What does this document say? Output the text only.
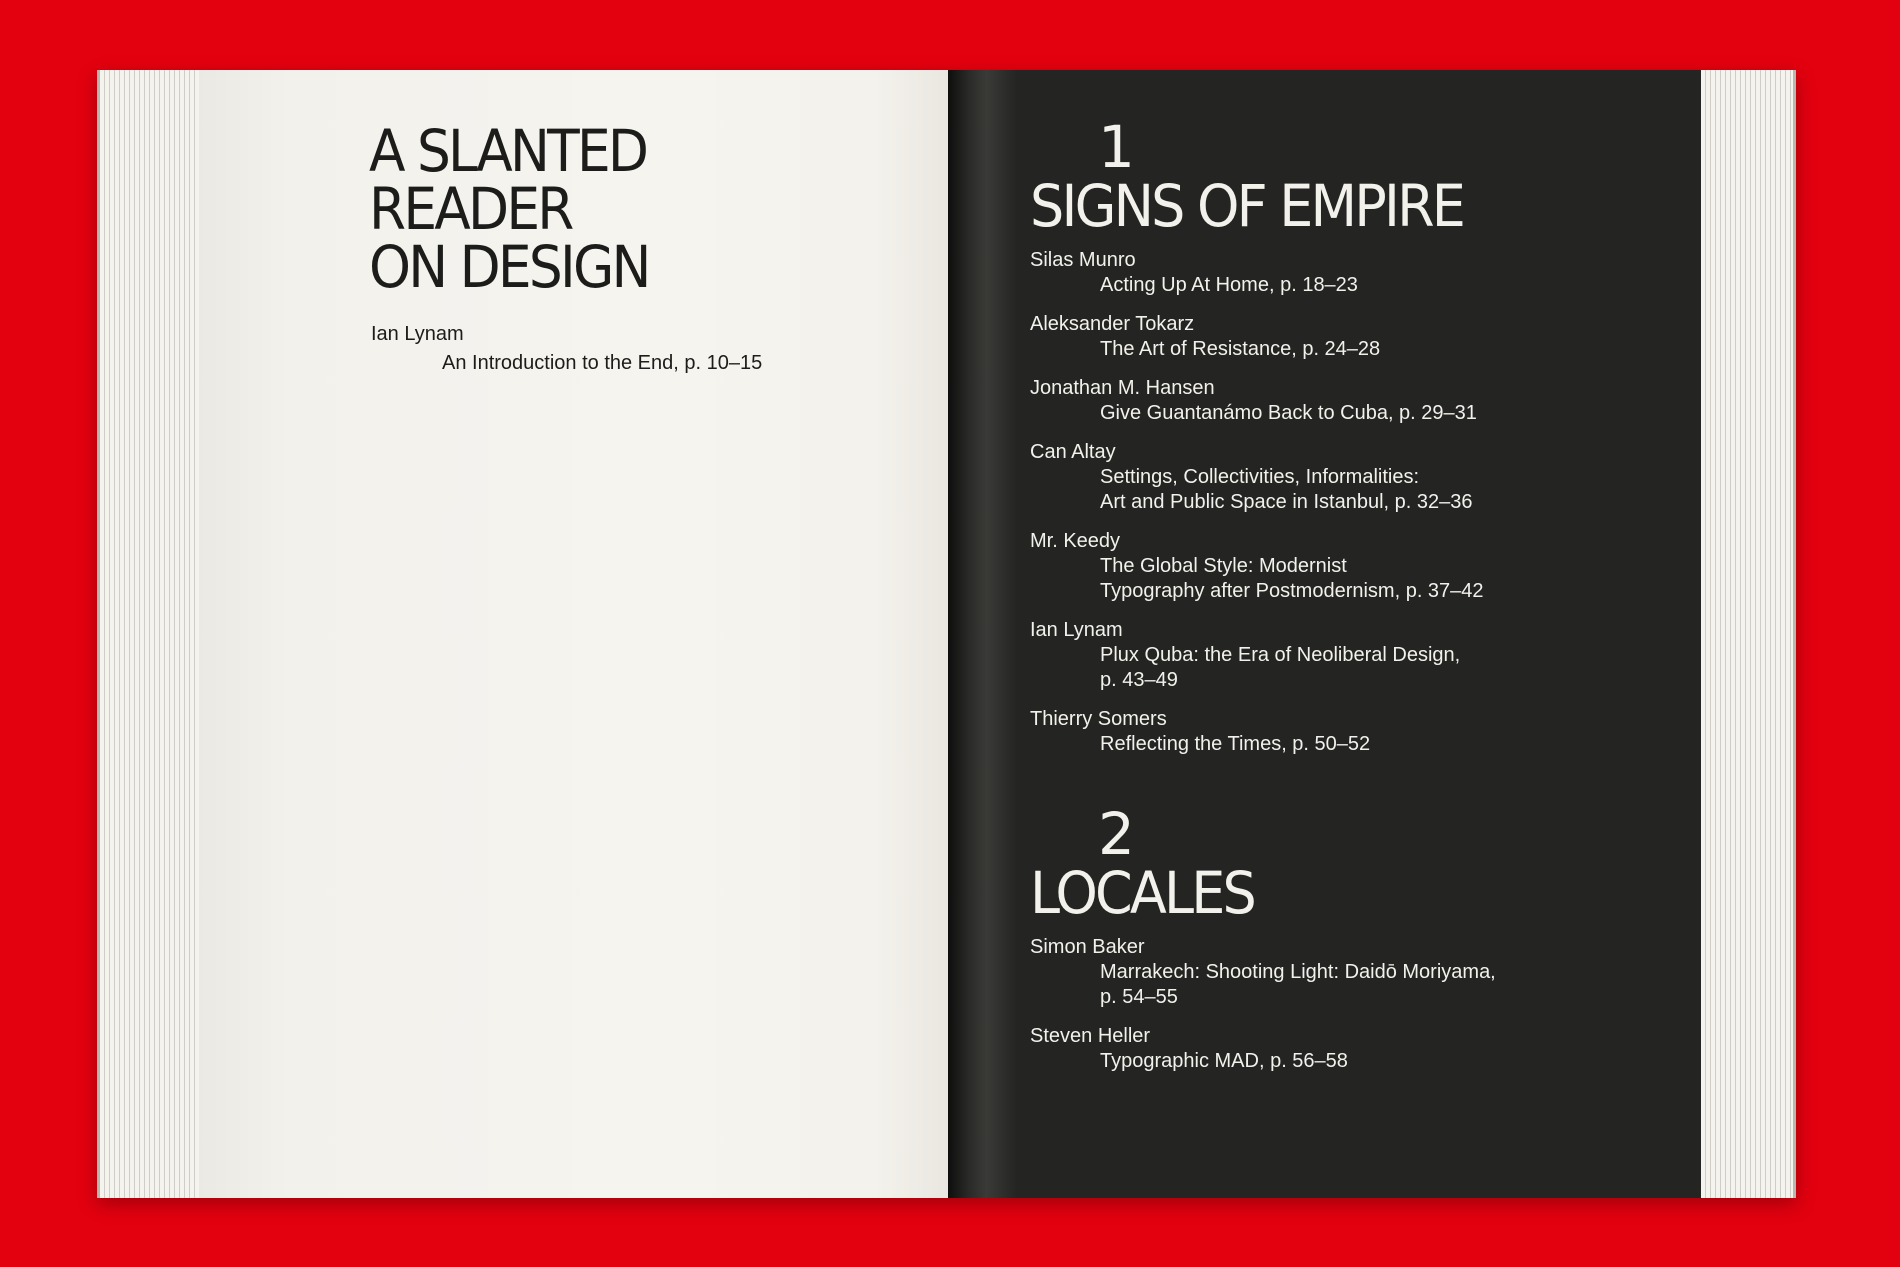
A SLANTED
READER
ON DESIGN
Ian Lynam
An Introduction to the End, p. 10–15
1
SIGNS OF EMPIRE
Silas Munro
Acting Up At Home, p. 18–23
Aleksander Tokarz
The Art of Resistance, p. 24–28
Jonathan M. Hansen
Give Guantanámo Back to Cuba, p. 29–31
Can Altay
Settings, Collectivities, Informalities:
Art and Public Space in Istanbul, p. 32–36
Mr. Keedy
The Global Style: Modernist
Typography after Postmodernism, p. 37–42
Ian Lynam
Plux Quba: the Era of Neoliberal Design,
p. 43–49
Thierry Somers
Reflecting the Times, p. 50–52
2
LOCALES
Simon Baker
Marrakech: Shooting Light: Daidō Moriyama,
p. 54–55
Steven Heller
Typographic MAD, p. 56–58
